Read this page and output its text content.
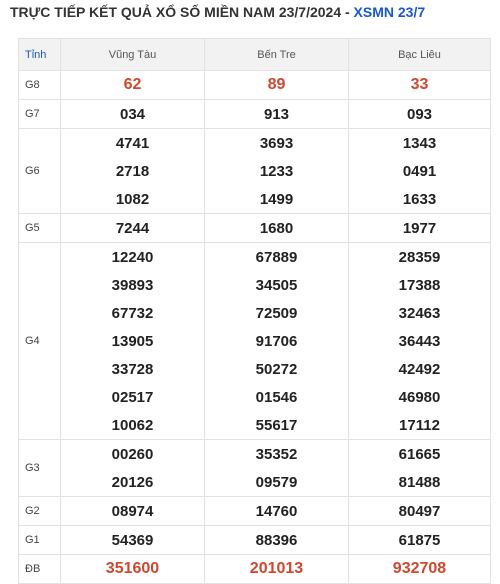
TRỰC TIẾP KẾT QUẢ XỔ SỐ MIỀN NAM 23/7/2024 - XSMN 23/7
Tỉnh	Vũng Tàu	Bến Tre	Bạc Liêu
G8	62	89	33
G7	034	913	093
G6	4741	3693	1343
	2718	1233	0491
	1082	1499	1633
G5	7244	1680	1977
G4	12240	67889	28359
	39893	34505	17388
	67732	72509	32463
	13905	91706	36443
	33728	50272	42492
	02517	01546	46980
	10062	55617	17112
G3	00260	35352	61665
	20126	09579	81488
G2	08974	14760	80497
G1	54369	88396	61875
ĐB	351600	201013	932708
